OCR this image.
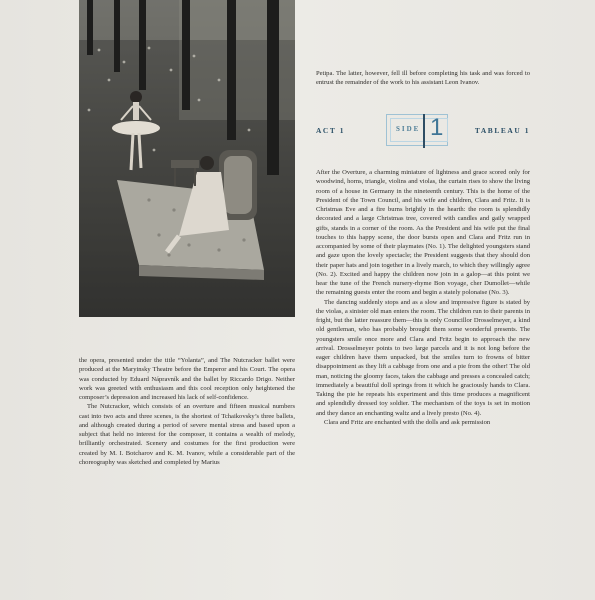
the opera, presented under the title “Yolanta”, and The Nutcracker ballet were produced at the Maryinsky Theatre before the Emperor and his Court. The opera was conducted by Eduard Nápravník and the ballet by Riccardo Drigo. Neither work was greeted with enthusiasm and this cool reception only heightened the composer’s depression and increased his lack of self-confidence.

The Nutcracker, which consists of an overture and fifteen musical numbers cast into two acts and three scenes, is the shortest of Tchaikovsky’s three ballets, and although created during a period of severe mental stress and based upon a subject that held no interest for the composer, it contains a wealth of melody, brilliantly orchestrated. Scenery and costumes for the first production were created by M. I. Botcharov and K. M. Ivanov, while a considerable part of the choreography was sketched and completed by Marius

Petipa. The latter, however, fell ill before completing his task and was forced to entrust the remainder of the work to his assistant Leon Ivanov.

ACT 1	SIDE 1	TABLEAU 1

After the Overture, a charming miniature of lightness and grace scored only for woodwind, horns, triangle, violins and violas, the curtain rises to show the living room of a house in Germany in the nineteenth century. This is the home of the President of the Town Council, and his wife and children, Clara and Fritz. It is Christmas Eve and a fire burns brightly in the hearth: the room is splendidly decorated and a large Christmas tree, covered with candles and gaily wrapped gifts, stands in a corner of the room. As the President and his wife put the final touches to this happy scene, the door bursts open and Clara and Fritz run in accompanied by some of their playmates (No. 1). The delighted youngsters stand and gaze upon the lovely spectacle; the President suggests that they should don their paper hats and join together in a lively march, to which they willingly agree (No. 2). Excited and happy the children now join in a galop—at this point we hear the tune of the French nursery-rhyme Bon voyage, cher Dumollet—while the remaining guests enter the room and begin a stately polonaise (No. 3).

The dancing suddenly stops and as a slow and impressive figure is stated by the violas, a sinister old man enters the room. The children run to their parents in fright, but the latter reassure them—this is only Councillor Drosselmeyer, a kind old gentleman, who has probably brought them some wonderful presents. The youngsters smile once more and Clara and Fritz begin to approach the new arrival. Drosselmeyer points to two large parcels and it is not long before the eager children have them unpacked, but the smiles turn to frowns of bitter disappointment as they lift a cabbage from one and a pie from the other! The old man, noticing the gloomy faces, takes the cabbage and presses a concealed catch; immediately a beautiful doll springs from it which he graciously hands to Clara. Taking the pie he repeats his experiment and this time produces a magnificent and splendidly dressed toy soldier. The mechanism of the toys is set in motion and they dance an enchanting waltz and a lively presto (No. 4).

Clara and Fritz are enchanted with the dolls and ask permission
